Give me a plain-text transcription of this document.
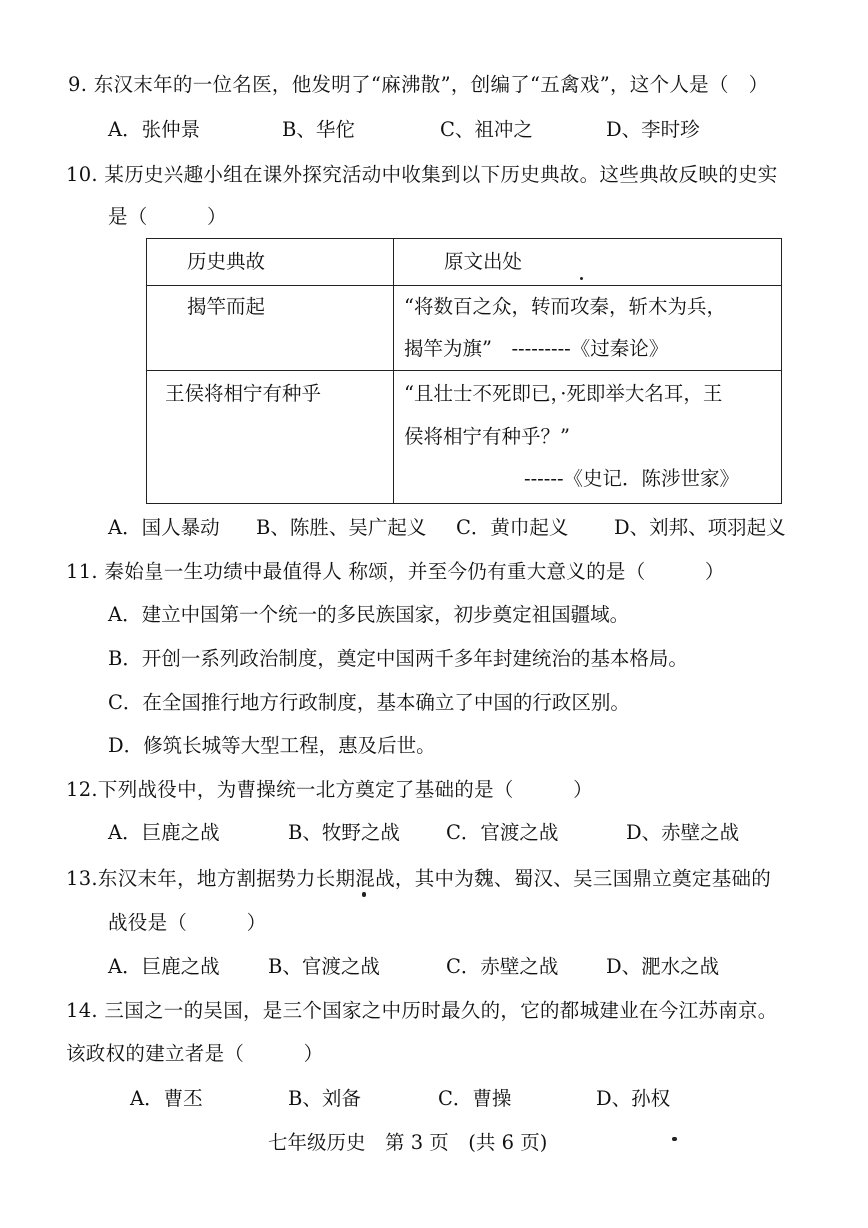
9. 东汉末年的一位名医，他发明了“麻沸散”，创编了“五禽戏”，这个人是（　）
A．张仲景	B、华佗	C、祖冲之	D、李时珍
10. 某历史兴趣小组在课外探究活动中收集到以下历史典故。这些典故反映的史实
是（　　　）
历史典故	原文出处

揭竿而起	“将数百之众，转而攻秦，斩木为兵，
揭竿为旗”　---------《过秦论》

王侯将相宁有种乎	“且壮士不死即已，·死即举大名耳，王
侯将相宁有种乎？”
------《史记．陈涉世家》
A．国人暴动 B、陈胜、吴广起义 C．黄巾起义 D、刘邦、项羽起义
11. 秦始皇一生功绩中最值得人 称颂，并至今仍有重大意义的是（　　　）
A．建立中国第一个统一的多民族国家，初步奠定祖国疆域。
B．开创一系列政治制度，奠定中国两千多年封建统治的基本格局。
C．在全国推行地方行政制度，基本确立了中国的行政区别。
D．修筑长城等大型工程，惠及后世。
12.下列战役中，为曹操统一北方奠定了基础的是（　　　）
A．巨鹿之战	B、牧野之战 C．官渡之战	D、赤壁之战
13.东汉末年，地方割据势力长期混战，其中为魏、蜀汉、吴三国鼎立奠定基础的
战役是（　　　）
A．巨鹿之战 B、官渡之战	C．赤壁之战 D、淝水之战
14. 三国之一的吴国，是三个国家之中历时最久的，它的都城建业在今江苏南京。
该政权的建立者是（　　　）
A．曹丕	B、刘备	C．曹操	D、孙权
七年级历史　第 3 页　(共 6 页)
